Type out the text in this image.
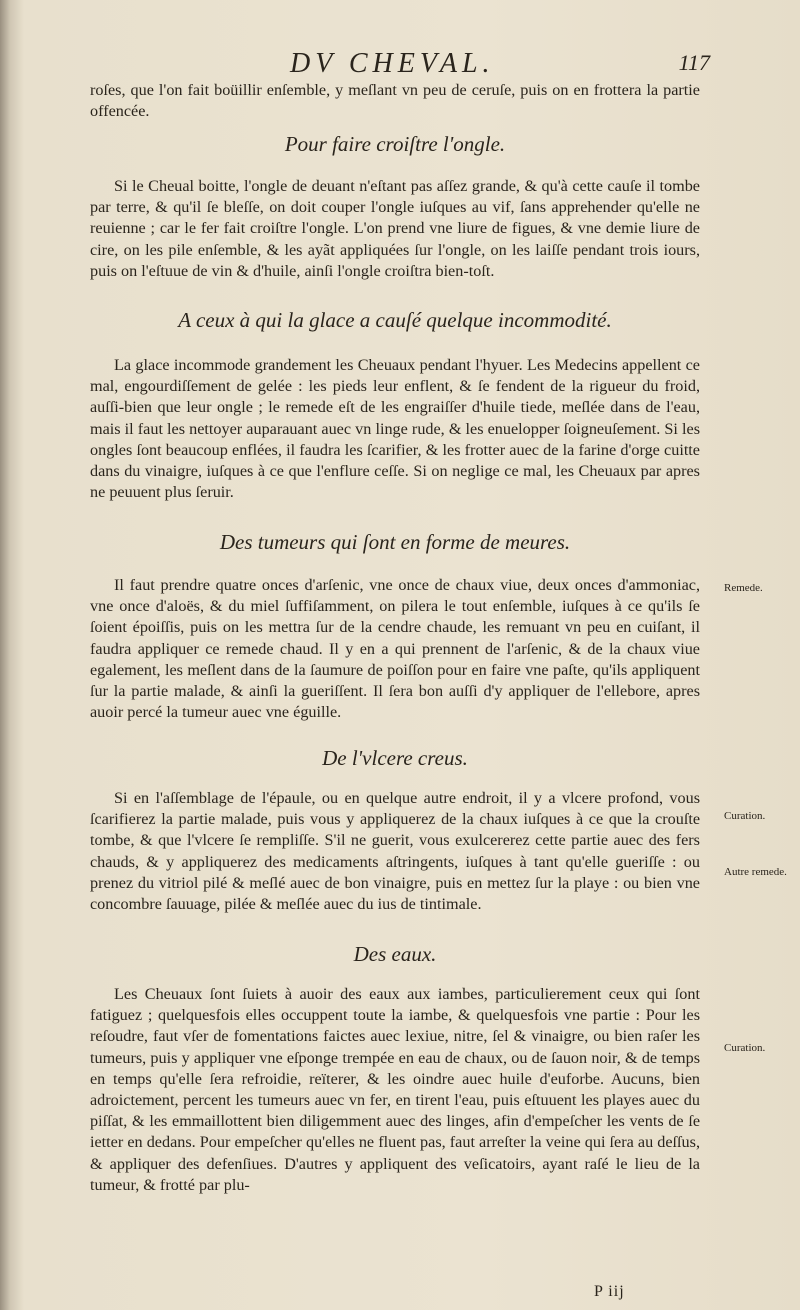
DV CHEVAL.	117

roſes, que l'on fait boüillir enſemble, y meſlant vn peu de ceruſe, puis on en frottera la partie offencée.

Pour faire croiſtre l'ongle.

Si le Cheual boitte, l'ongle de deuant n'eſtant pas aſſez grande, & qu'à cette cauſe il tombe par terre, & qu'il ſe bleſſe, on doit couper l'ongle iuſques au vif, ſans apprehender qu'elle ne reuienne ; car le fer fait croiſtre l'ongle. L'on prend vne liure de figues, & vne demie liure de cire, on les pile enſemble, & les ayãt appliquées ſur l'ongle, on les laiſſe pendant trois iours, puis on l'eſtuue de vin & d'huile, ainſi l'ongle croiſtra bien-toſt.

A ceux à qui la glace a cauſé quelque incommodité.

La glace incommode grandement les Cheuaux pendant l'hyuer. Les Medecins appellent ce mal, engourdiſſement de gelée : les pieds leur enflent, & ſe fendent de la rigueur du froid, auſſi-bien que leur ongle ; le remede eſt de les engraiſſer d'huile tiede, meſlée dans de l'eau, mais il faut les nettoyer auparauant auec vn linge rude, & les enuelopper ſoigneuſement. Si les ongles ſont beaucoup enflées, il faudra les ſcarifier, & les frotter auec de la farine d'orge cuitte dans du vinaigre, iuſques à ce que l'enflure ceſſe. Si on neglige ce mal, les Cheuaux par apres ne peuuent plus ſeruir.

Des tumeurs qui ſont en forme de meures.

Il faut prendre quatre onces d'arſenic, vne once de chaux viue, deux onces d'ammoniac, vne once d'aloës, & du miel ſuffiſamment, on pilera le tout enſemble, iuſques à ce qu'ils ſe ſoient époiſſis, puis on les mettra ſur de la cendre chaude, les remuant vn peu en cuiſant, il faudra appliquer ce remede chaud. Il y en a qui prennent de l'arſenic, & de la chaux viue egalement, les meſlent dans de la ſaumure de poiſſon pour en faire vne paſte, qu'ils appliquent ſur la partie malade, & ainſi la gueriſſent. Il ſera bon auſſi d'y appliquer de l'ellebore, apres auoir percé la tumeur auec vne éguille.

De l'vlcere creus.

Si en l'aſſemblage de l'épaule, ou en quelque autre endroit, il y a vlcere profond, vous ſcarifierez la partie malade, puis vous y appliquerez de la chaux iuſques à ce que la crouſte tombe, & que l'vlcere ſe rempliſſe. S'il ne guerit, vous exulcererez cette partie auec des fers chauds, & y appliquerez des medicaments aſtringents, iuſques à tant qu'elle gueriſſe : ou prenez du vitriol pilé & meſlé auec de bon vinaigre, puis en mettez ſur la playe : ou bien vne concombre ſauuage, pilée & meſlée auec du ius de tintimale.

Des eaux.

Les Cheuaux ſont ſuiets à auoir des eaux aux iambes, particulierement ceux qui ſont fatiguez ; quelquesfois elles occuppent toute la iambe, & quelquesfois vne partie : Pour les reſoudre, faut vſer de fomentations faictes auec lexiue, nitre, ſel & vinaigre, ou bien raſer les tumeurs, puis y appliquer vne eſponge trempée en eau de chaux, ou de ſauon noir, & de temps en temps qu'elle ſera refroidie, reïterer, & les oindre auec huile d'euforbe. Aucuns, bien adroictement, percent les tumeurs auec vn fer, en tirent l'eau, puis eſtuuent les playes auec du piſſat, & les emmaillottent bien diligemment auec des linges, afin d'empeſcher les vents de ſe ietter en dedans. Pour empeſcher qu'elles ne fluent pas, faut arreſter la veine qui ſera au deſſus, & appliquer des defenſiues. D'autres y appliquent des veſicatoirs, ayant raſé le lieu de la tumeur, & frotté par plu-

Remede.
Curation.
Autre remede.
Curation.
P iij
